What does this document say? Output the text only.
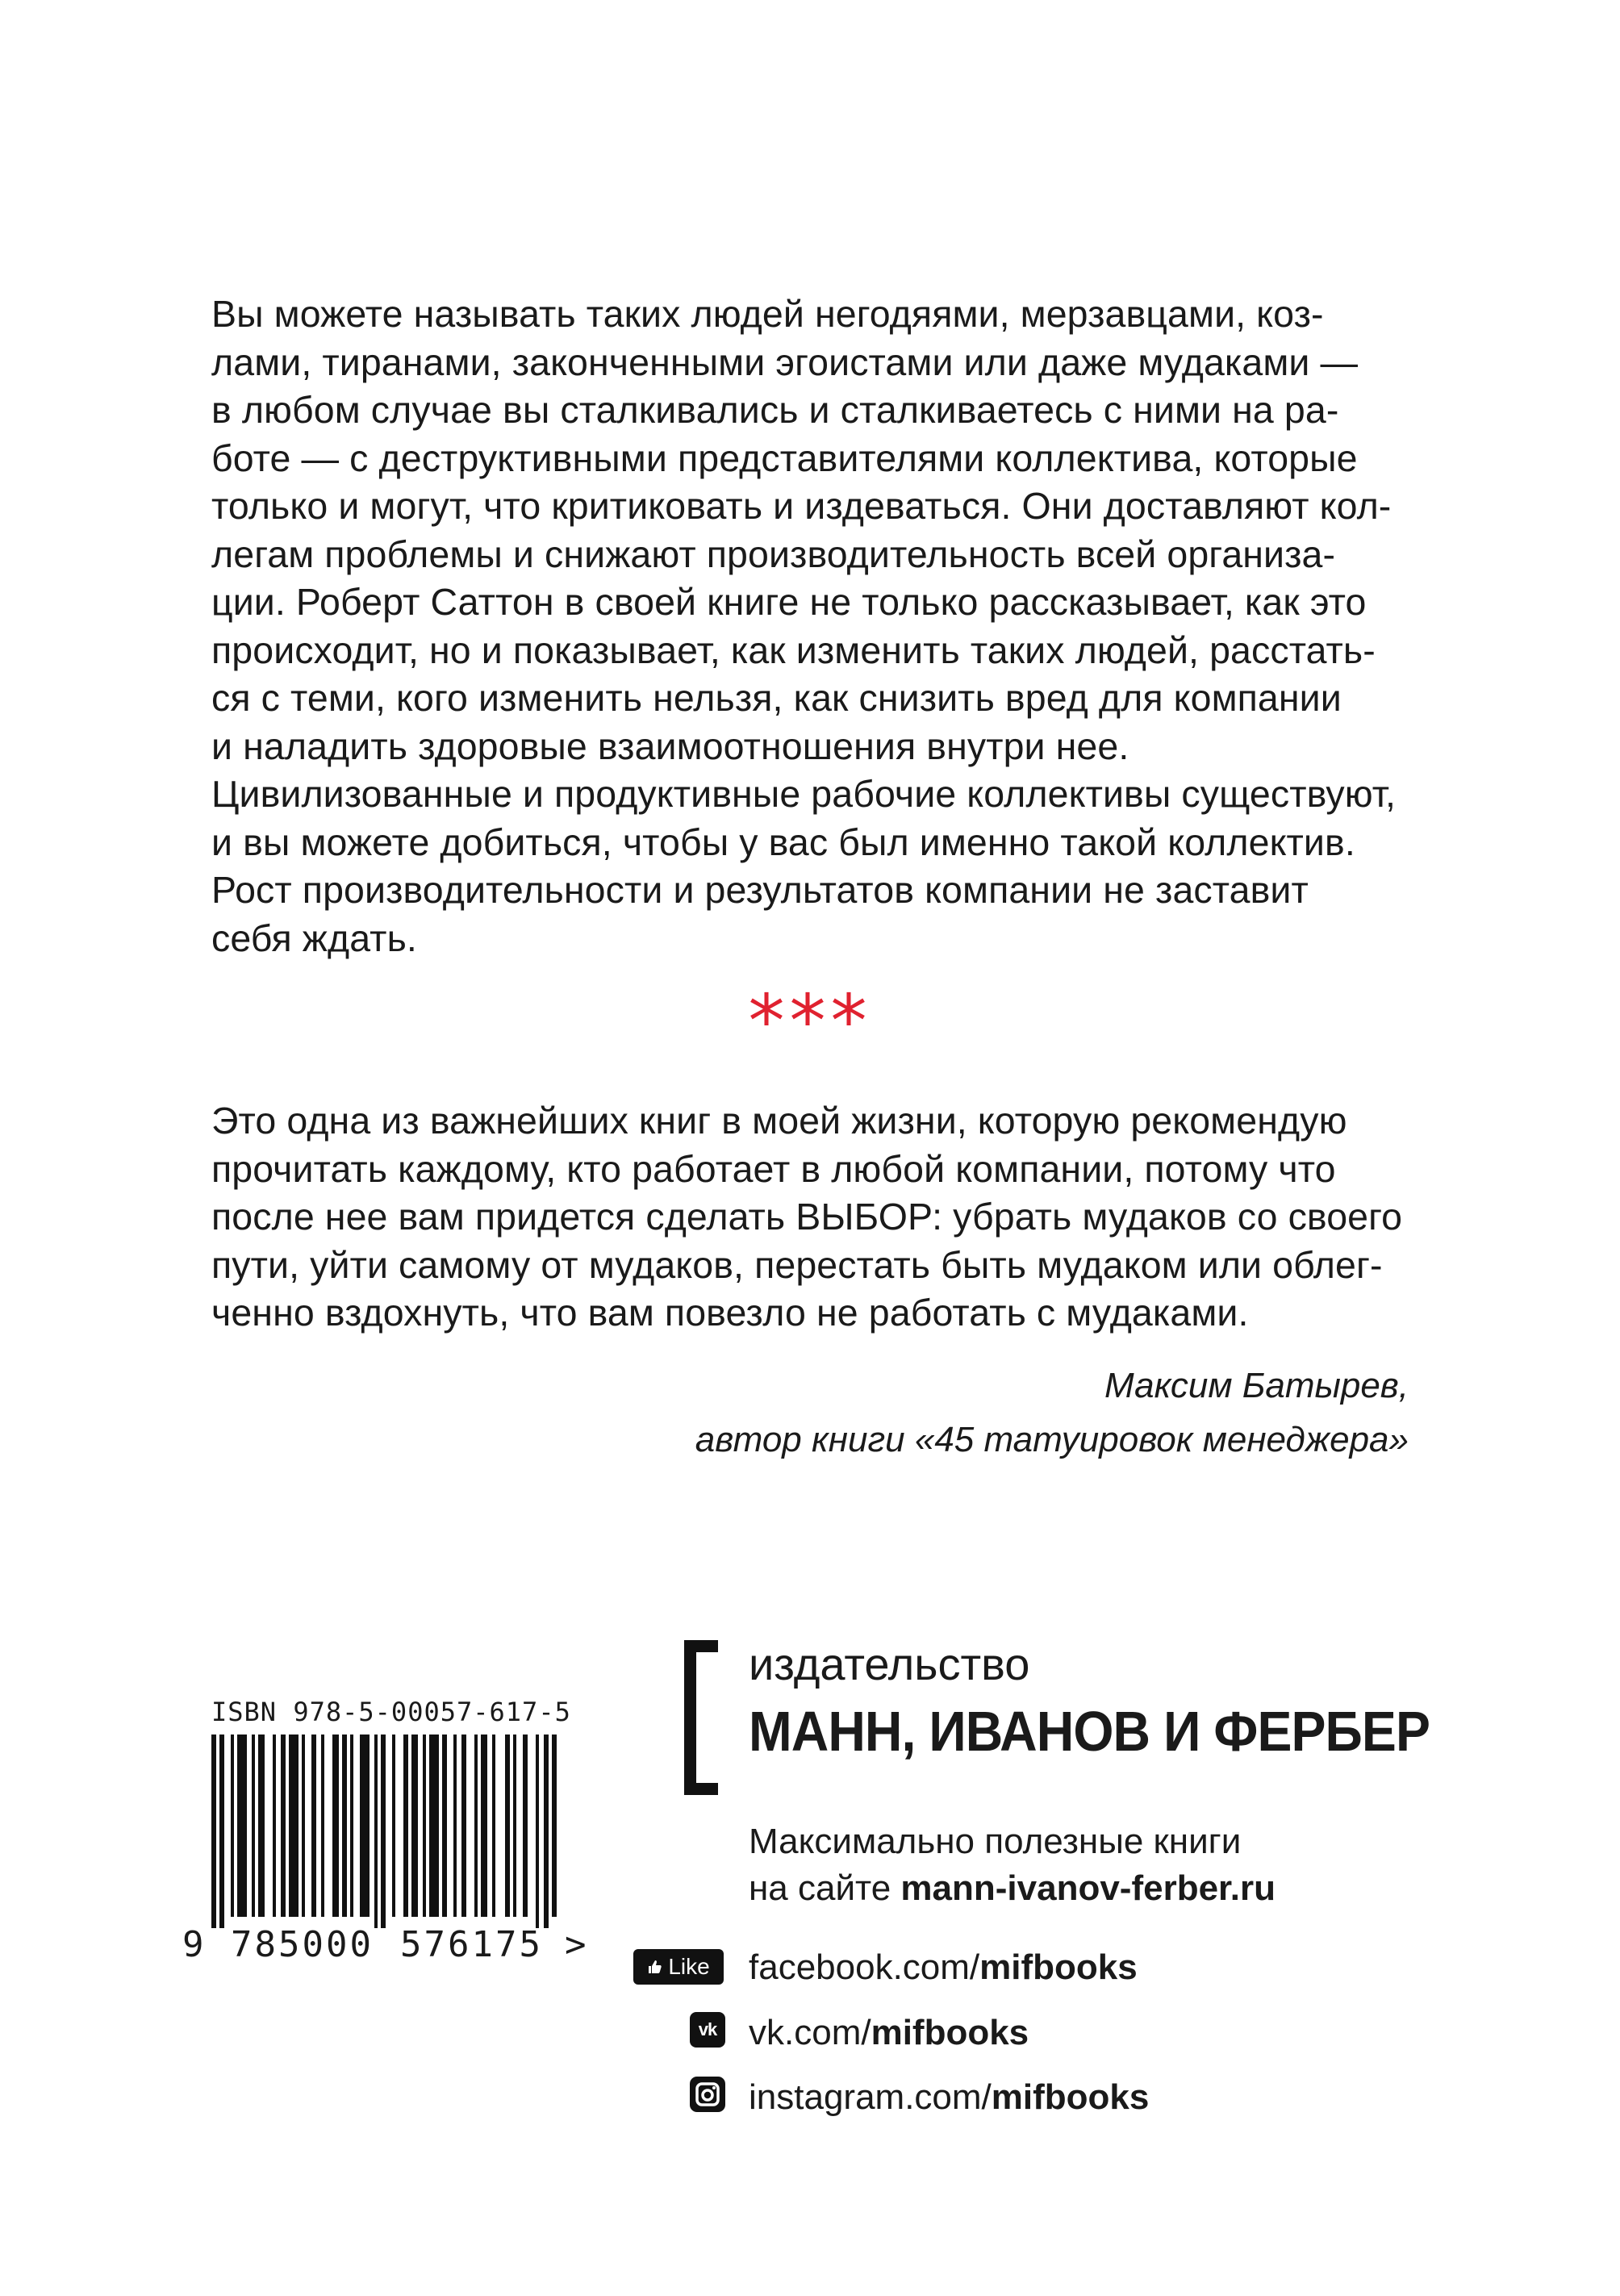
Вы можете называть таких людей негодяями, мерзавцами, коз-
лами, тиранами, законченными эгоистами или даже мудаками —
в любом случае вы сталкивались и сталкиваетесь с ними на ра-
боте — с деструктивными представителями коллектива, которые
только и могут, что критиковать и издеваться. Они доставляют кол-
легам проблемы и снижают производительность всей организа-
ции. Роберт Саттон в своей книге не только рассказывает, как это
происходит, но и показывает, как изменить таких людей, расстать-
ся с теми, кого изменить нельзя, как снизить вред для компании
и наладить здоровые взаимоотношения внутри нее.
Цивилизованные и продуктивные рабочие коллективы существуют,
и вы можете добиться, чтобы у вас был именно такой коллектив.
Рост производительности и результатов компании не заставит
себя ждать.
***
Это одна из важнейших книг в моей жизни, которую рекомендую
прочитать каждому, кто работает в любой компании, потому что
после нее вам придется сделать ВЫБОР: убрать мудаков со своего
пути, уйти самому от мудаков, перестать быть мудаком или облег-
ченно вздохнуть, что вам повезло не работать с мудаками.
Максим Батырев,
автор книги «45 татуировок менеджера»
издательство
МАНН, ИВАНОВ И ФЕРБЕР
Максимально полезные книги
на сайте mann-ivanov-ferber.ru
Like facebook.com/mifbooks
vk vk.com/mifbooks
instagram.com/mifbooks
ISBN 978-5-00057-617-5
9 785000 576175 >
